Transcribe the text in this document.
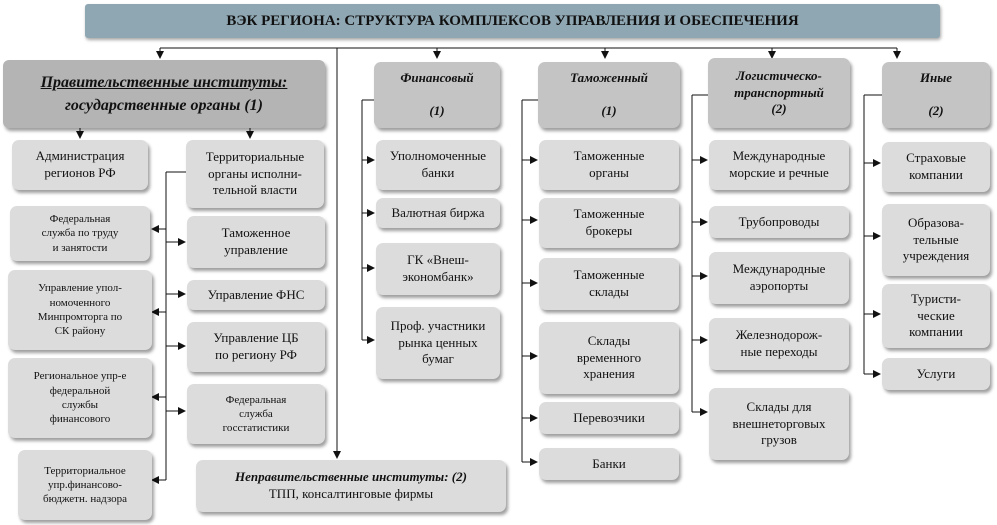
ВЭК РЕГИОНА: СТРУКТУРА КОМПЛЕКСОВ УПРАВЛЕНИЯ И ОБЕСПЕЧЕНИЯ
Правительственные институты:
государственные органы (1)
Администрация
регионов РФ
Федеральная
служба по труду
и занятости
Управление упол-
номоченного
Минпромторга по
СК району
Региональное упр-е
федеральной
службы
финансового
Территориальное
упр.финансово-
бюджетн. надзора
Территориальные
органы исполни-
тельной власти
Таможенное
управление
Управление ФНС
Управление ЦБ
по региону РФ
Федеральная
служба
госстатистики
Неправительственные институты: (2)
ТПП, консалтинговые фирмы
Финансовый

(1)
Уполномоченные
банки
Валютная биржа
ГК «Внеш-
экономбанк»
Проф. участники
рынка ценных
бумаг
Таможенный

(1)
Таможенные
органы
Таможенные
брокеры
Таможенные
склады
Склады
временного
хранения
Перевозчики
Банки
Логистическо-
транспортный
(2)
Международные
морские и речные
Трубопроводы
Международные
аэропорты
Железнодорож-
ные переходы
Склады для
внешнеторговых
грузов
Иные

(2)
Страховые
компании
Образова-
тельные
учреждения
Туристи-
ческие
компании
Услуги
